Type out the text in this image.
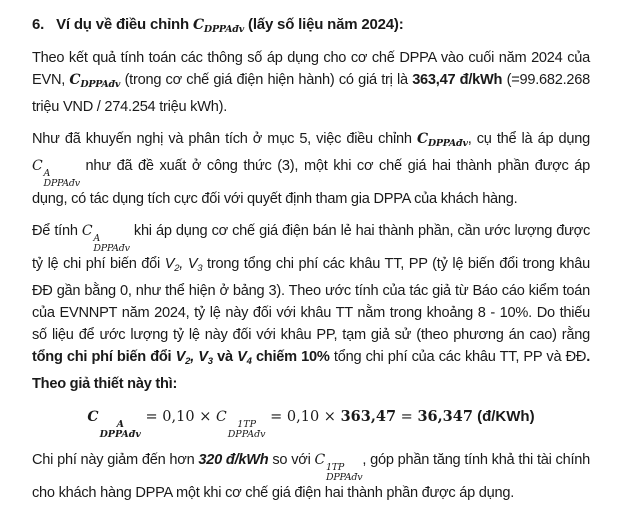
6. Ví dụ về điều chỉnh $C_{DPPAđv}$ (lấy số liệu năm 2024):

Theo kết quả tính toán các thông số áp dụng cho cơ chế DPPA vào cuối năm 2024 của EVN, $C_{DPPAđv}$ (trong cơ chế giá điện hiện hành) có giá trị là 363,47 đ/kWh (=99.682.268 triệu VND / 274.254 triệu kWh).

Như đã khuyến nghị và phân tích ở mục 5, việc điều chỉnh $C_{DPPAđv}$, cụ thể là áp dụng C A
DPPAđv
như đã đề xuất ở công thức (3), một khi cơ chế giá hai thành phần được áp dụng, có tác dụng tích cực đối với quyết định tham gia DPPA của khách hàng.

Để tính C A
DPPAđv
khi áp dụng cơ chế giá điện bán lẻ hai thành phần, cần ước lượng được tỷ lệ chi phí biến đổi $V_2$, $V_3$ trong tổng chi phí các khâu TT, PP (tỷ lệ biến đổi trong khâu ĐĐ gần bằng 0, như thể hiện ở bảng 3). Theo ước tính của tác giả từ Báo cáo kiểm toán của EVNNPT năm 2024, tỷ lệ này đối với khâu TT nằm trong khoảng 8 - 10%. Do thiếu số liệu để ước lượng tỷ lệ này đối với khâu PP, tạm giả sử (theo phương án cao) rằng tổng chi phí biến đổi $V_2$, $V_3$ và $V_4$ chiếm 10% tổng chi phí của các khâu TT, PP và ĐĐ. Theo giả thiết này thì:

C	A
DPPAđv
= 0,10 × C	1TP
DPPAđv
= 0,10 × 363,47 = 36,347 (đ/KWh)

Chi phí này giảm đến hơn 320 đ/kWh so với C 1TP
DPPAđv
, góp phần tăng tính khả thi tài chính cho khách hàng DPPA một khi cơ chế giá điện hai thành phần được áp dụng.
